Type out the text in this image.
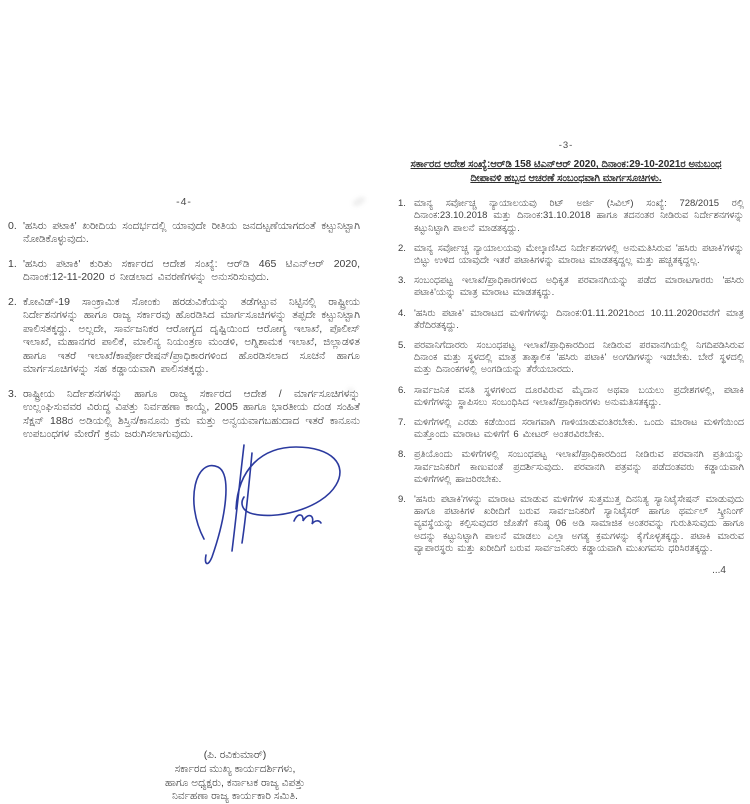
-4-
0. 'ಹಸಿರು ಪಟಾಕಿ' ಖರೀದಿಯ ಸಂದರ್ಭದಲ್ಲಿ ಯಾವುದೇ ರೀತಿಯ ಜನದಟ್ಟಣೆಯಾಗದಂತೆ ಕಟ್ಟುನಿಟ್ಟಾಗಿ ನೋಡಿಕೊಳ್ಳುವುದು.
1. 'ಹಸಿರು ಪಟಾಕಿ' ಕುರಿತು ಸರ್ಕಾರದ ಆದೇಶ ಸಂಖ್ಯೆ: ಆರ್‌ಡಿ 465 ಟಿಎನ್‌ಆರ್ 2020, ದಿನಾಂಕ:12-11-2020 ರ ನೀಡಲಾದ ವಿವರಣೆಗಳನ್ನು ಅನುಸರಿಸುವುದು.
2. ಕೋವಿಡ್-19 ಸಾಂಕ್ರಾಮಿಕ ಸೋಂಕು ಹರಡುವಿಕೆಯನ್ನು ತಡೆಗಟ್ಟುವ ನಿಟ್ಟಿನಲ್ಲಿ ರಾಷ್ಟ್ರೀಯ ನಿರ್ದೇಶನಗಳನ್ನು ಹಾಗೂ ರಾಜ್ಯ ಸರ್ಕಾರವು ಹೊರಡಿಸಿದ ಮಾರ್ಗಸೂಚಿಗಳನ್ನು ತಪ್ಪದೇ ಕಟ್ಟುನಿಟ್ಟಾಗಿ ಪಾಲಿಸತಕ್ಕದ್ದು. ಅಲ್ಲದೇ, ಸಾರ್ವಜನಿಕರ ಆರೋಗ್ಯದ ದೃಷ್ಟಿಯಿಂದ ಆರೋಗ್ಯ ಇಲಾಖೆ, ಪೊಲೀಸ್ ಇಲಾಖೆ, ಮಹಾನಗರ ಪಾಲಿಕೆ, ಮಾಲಿನ್ಯ ನಿಯಂತ್ರಣ ಮಂಡಳಿ, ಅಗ್ನಿಶಾಮಕ ಇಲಾಖೆ, ಜಿಲ್ಲಾಡಳಿತ ಹಾಗೂ ಇತರೆ ಇಲಾಖೆ/ಕಾರ್ಪೋರೇಷನ್/ಪ್ರಾಧಿಕಾರಗಳಿಂದ ಹೊರಡಿಸಲಾದ ಸೂಚನೆ ಹಾಗೂ ಮಾರ್ಗಸೂಚಿಗಳನ್ನು ಸಹ ಕಡ್ಡಾಯವಾಗಿ ಪಾಲಿಸತಕ್ಕದ್ದು.
3. ರಾಷ್ಟ್ರೀಯ ನಿರ್ದೇಶನಗಳನ್ನು ಹಾಗೂ ರಾಜ್ಯ ಸರ್ಕಾರದ ಆದೇಶ / ಮಾರ್ಗಸೂಚಿಗಳನ್ನು ಉಲ್ಲಂಘಿಸುವವರ ವಿರುದ್ಧ ವಿಪತ್ತು ನಿರ್ವಹಣಾ ಕಾಯ್ದೆ, 2005 ಹಾಗೂ ಭಾರತೀಯ ದಂಡ ಸಂಹಿತೆ ಸೆಕ್ಷನ್ 188ರ ಅಡಿಯಲ್ಲಿ ಶಿಸ್ತಿನ/ಕಾನೂನು ಕ್ರಮ ಮತ್ತು ಅನ್ವಯವಾಗಬಹುದಾದ ಇತರೆ ಕಾನೂನು ಉಪಬಂಧಗಳ ಮೇರೆಗೆ ಕ್ರಮ ಜರುಗಿಸಲಾಗುವುದು.
(ಪಿ. ರವಿಕುಮಾರ್)
ಸರ್ಕಾರದ ಮುಖ್ಯ ಕಾರ್ಯದರ್ಶಿಗಳು,
ಹಾಗೂ ಅಧ್ಯಕ್ಷರು, ಕರ್ನಾಟಕ ರಾಜ್ಯ ವಿಪತ್ತು
ನಿರ್ವಹಣಾ ರಾಜ್ಯ ಕಾರ್ಯಕಾರಿ ಸಮಿತಿ.
-3-
ಸರ್ಕಾರದ ಆದೇಶ ಸಂಖ್ಯೆ:ಆರ್‌ಡಿ 158 ಟಿಎನ್‌ಆರ್ 2020, ದಿನಾಂಕ:29-10-2021ರ ಅನುಬಂಧ
ದೀಪಾವಳಿ ಹಬ್ಬದ ಆಚರಣೆ ಸಂಬಂಧವಾಗಿ ಮಾರ್ಗಸೂಚಿಗಳು.
1. ಮಾನ್ಯ ಸರ್ವೋಚ್ಚ ನ್ಯಾಯಾಲಯವು ರಿಟ್ ಅರ್ಜಿ (ಸಿವಿಲ್) ಸಂಖ್ಯೆ: 728/2015 ರಲ್ಲಿ ದಿನಾಂಕ:23.10.2018 ಮತ್ತು ದಿನಾಂಕ:31.10.2018 ಹಾಗೂ ತದನಂತರ ನೀಡಿರುವ ನಿರ್ದೇಶನಗಳನ್ನು ಕಟ್ಟುನಿಟ್ಟಾಗಿ ಪಾಲನೆ ಮಾಡತಕ್ಕದ್ದು.
2. ಮಾನ್ಯ ಸರ್ವೋಚ್ಚ ನ್ಯಾಯಾಲಯವು ಮೇಲ್ಕಾಣಿಸಿದ ನಿರ್ದೇಶನಗಳಲ್ಲಿ ಅನುಮತಿಸಿರುವ 'ಹಸಿರು ಪಟಾಕಿ'ಗಳನ್ನು ಬಿಟ್ಟು ಉಳಿದ ಯಾವುದೇ ಇತರೆ ಪಟಾಕಿಗಳನ್ನು ಮಾರಾಟ ಮಾಡತಕ್ಕದ್ದಲ್ಲ ಮತ್ತು ಹಚ್ಚತಕ್ಕದ್ದಲ್ಲ.
3. ಸಂಬಂಧಪಟ್ಟ ಇಲಾಖೆ/ಪ್ರಾಧಿಕಾರಗಳಿಂದ ಅಧಿಕೃತ ಪರವಾನಗಿಯನ್ನು ಪಡೆದ ಮಾರಾಟಗಾರರು 'ಹಸಿರು ಪಟಾಕಿ'ಯನ್ನು ಮಾತ್ರ ಮಾರಾಟ ಮಾಡತಕ್ಕದ್ದು.
4. 'ಹಸಿರು ಪಟಾಕಿ' ಮಾರಾಟದ ಮಳಿಗೆಗಳನ್ನು ದಿನಾಂಕ:01.11.2021ರಿಂದ 10.11.2020ರವರೆಗೆ ಮಾತ್ರ ತೆರೆದಿರತಕ್ಕದ್ದು.
5. ಪರವಾನಿಗೆದಾರರು ಸಂಬಂಧಪಟ್ಟ ಇಲಾಖೆ/ಪ್ರಾಧಿಕಾರದಿಂದ ನೀಡಿರುವ ಪರವಾನಗಿಯಲ್ಲಿ ನಿಗದಿಪಡಿಸಿರುವ ದಿನಾಂಕ ಮತ್ತು ಸ್ಥಳದಲ್ಲಿ ಮಾತ್ರ ತಾತ್ಕಾಲಿಕ 'ಹಸಿರು ಪಟಾಕಿ' ಅಂಗಡಿಗಳನ್ನು ಇಡಬೇಕು. ಬೇರೆ ಸ್ಥಳದಲ್ಲಿ ಮತ್ತು ದಿನಾಂಕಗಳಲ್ಲಿ ಅಂಗಡಿಯನ್ನು ತೆರೆಯಬಾರದು.
6. ಸಾರ್ವಜನಿಕ ವಸತಿ ಸ್ಥಳಗಳಿಂದ ದೂರವಿರುವ ಮೈದಾನ ಅಥವಾ ಬಯಲು ಪ್ರದೇಶಗಳಲ್ಲಿ, ಪಟಾಕಿ ಮಳಿಗೆಗಳನ್ನು ಸ್ಥಾಪಿಸಲು ಸಂಬಂಧಿಸಿದ ಇಲಾಖೆ/ಪ್ರಾಧಿಕಾರಗಳು ಅನುಮತಿಸತಕ್ಕದ್ದು.
7. ಮಳಿಗೆಗಳಲ್ಲಿ ಎರಡು ಕಡೆಯಿಂದ ಸರಾಗವಾಗಿ ಗಾಳಿಯಾಡುವಂತಿರಬೇಕು. ಒಂದು ಮಾರಾಟ ಮಳಿಗೆಯಿಂದ ಮತ್ತೊಂದು ಮಾರಾಟ ಮಳಿಗೆಗೆ 6 ಮೀಟರ್ ಅಂತರವಿರಬೇಕು.
8. ಪ್ರತಿಯೊಂದು ಮಳಿಗೆಗಳಲ್ಲಿ ಸಂಬಂಧಪಟ್ಟ ಇಲಾಖೆ/ಪ್ರಾಧಿಕಾರದಿಂದ ನೀಡಿರುವ ಪರವಾನಗಿ ಪ್ರತಿಯನ್ನು ಸಾರ್ವಜನಿಕರಿಗೆ ಕಾಣುವಂತೆ ಪ್ರದರ್ಶಿಸುವುದು. ಪರವಾನಗಿ ಪತ್ರವನ್ನು ಪಡೆದಂತವರು ಕಡ್ಡಾಯವಾಗಿ ಮಳಿಗೆಗಳಲ್ಲಿ ಹಾಜರಿರಬೇಕು.
9. 'ಹಸಿರು ಪಟಾಕಿ'ಗಳನ್ನು ಮಾರಾಟ ಮಾಡುವ ಮಳಿಗೆಗಳ ಸುತ್ತಮುತ್ತ ದಿನನಿತ್ಯ ಸ್ಯಾನಿಟೈಸೇಷನ್ ಮಾಡುವುದು ಹಾಗೂ ಪಟಾಕಿಗಳ ಖರೀದಿಗೆ ಬರುವ ಸಾರ್ವಜನಿಕರಿಗೆ ಸ್ಯಾನಿಟೈಸರ್ ಹಾಗೂ ಥರ್ಮಲ್ ಸ್ಕ್ರೀನಿಂಗ್ ವ್ಯವಸ್ಥೆಯನ್ನು ಕಲ್ಪಿಸುವುದರ ಜೊತೆಗೆ ಕನಿಷ್ಠ 06 ಅಡಿ ಸಾಮಾಜಿಕ ಅಂತರವನ್ನು ಗುರುತಿಸುವುದು ಹಾಗೂ ಅದನ್ನು ಕಟ್ಟುನಿಟ್ಟಾಗಿ ಪಾಲನೆ ಮಾಡಲು ಎಲ್ಲಾ ಅಗತ್ಯ ಕ್ರಮಗಳನ್ನು ಕೈಗೊಳ್ಳತಕ್ಕದ್ದು. ಪಟಾಕಿ ಮಾರುವ ವ್ಯಾಪಾರಸ್ಥರು ಮತ್ತು ಖರೀದಿಗೆ ಬರುವ ಸಾರ್ವಜನಿಕರು ಕಡ್ಡಾಯವಾಗಿ ಮುಖಗವಸು ಧರಿಸಿರತಕ್ಕದ್ದು.
...4
